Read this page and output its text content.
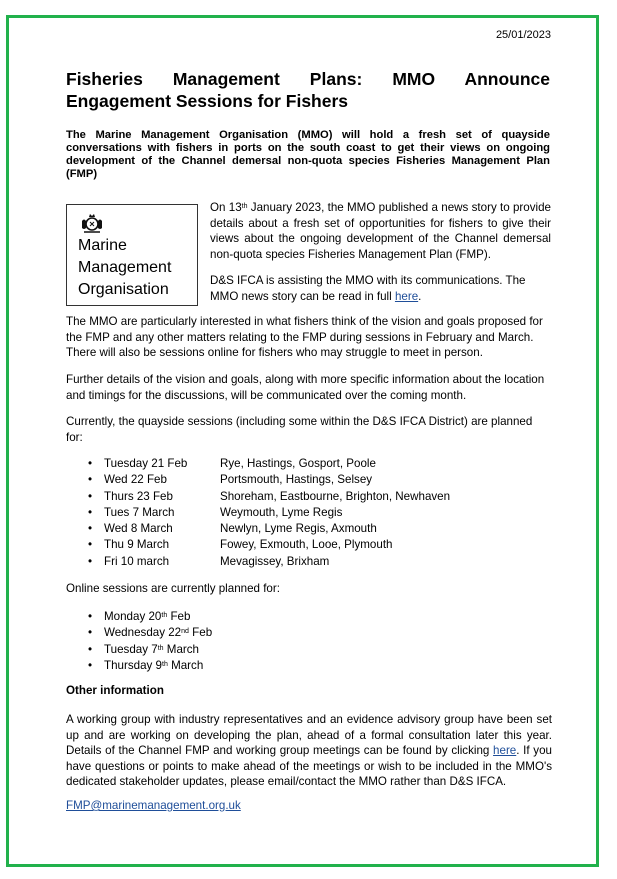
25/01/2023
Fisheries Management Plans: MMO Announce Engagement Sessions for Fishers

The Marine Management Organisation (MMO) will hold a fresh set of quayside conversations with fishers in ports on the south coast to get their views on ongoing development of the Channel demersal non-quota species Fisheries Management Plan (FMP)

Marine
Management
Organisation

On 13th January 2023, the MMO published a news story to provide details about a fresh set of opportunities for fishers to give their views about the ongoing development of the Channel demersal non-quota species Fisheries Management Plan (FMP).

D&S IFCA is assisting the MMO with its communications. The MMO news story can be read in full here.

The MMO are particularly interested in what fishers think of the vision and goals proposed for the FMP and any other matters relating to the FMP during sessions in February and March. There will also be sessions online for fishers who may struggle to meet in person.

Further details of the vision and goals, along with more specific information about the location and timings for the discussions, will be communicated over the coming month.

Currently, the quayside sessions (including some within the D&S IFCA District) are planned for:

• Tuesday 21 Feb	Rye, Hastings, Gosport, Poole
• Wed 22 Feb	Portsmouth, Hastings, Selsey
• Thurs 23 Feb	Shoreham, Eastbourne, Brighton, Newhaven
• Tues 7 March	Weymouth, Lyme Regis
• Wed 8 March	Newlyn, Lyme Regis, Axmouth
• Thu 9 March	Fowey, Exmouth, Looe, Plymouth
• Fri 10 march	Mevagissey, Brixham

Online sessions are currently planned for:

• Monday 20th Feb
• Wednesday 22nd Feb
• Tuesday 7th March
• Thursday 9th March
Other information

A working group with industry representatives and an evidence advisory group have been set up and are working on developing the plan, ahead of a formal consultation later this year. Details of the Channel FMP and working group meetings can be found by clicking here. If you have questions or points to make ahead of the meetings or wish to be included in the MMO's dedicated stakeholder updates, please email/contact the MMO rather than D&S IFCA.

FMP@marinemanagement.org.uk
